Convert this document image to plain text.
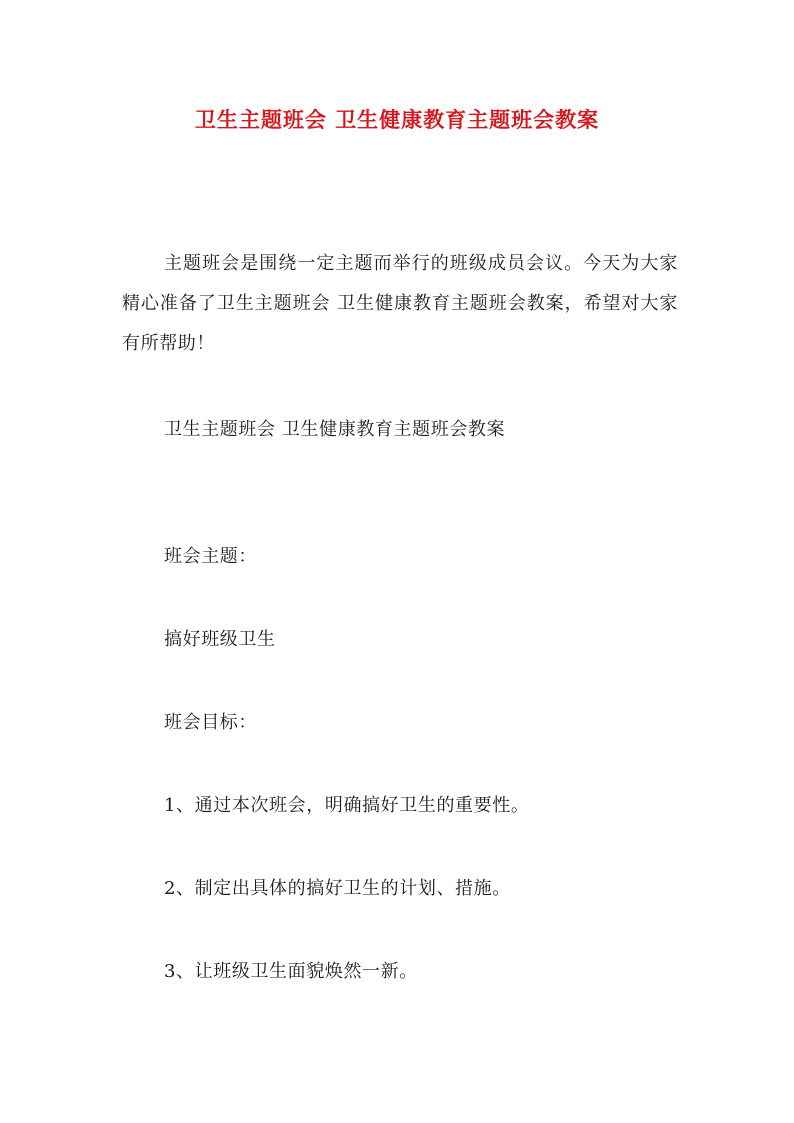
卫生主题班会 卫生健康教育主题班会教案
主题班会是围绕一定主题而举行的班级成员会议。今天为大家精心准备了卫生主题班会 卫生健康教育主题班会教案，希望对大家有所帮助！
卫生主题班会 卫生健康教育主题班会教案
班会主题：
搞好班级卫生
班会目标：
1、通过本次班会，明确搞好卫生的重要性。
2、制定出具体的搞好卫生的计划、措施。
3、让班级卫生面貌焕然一新。
